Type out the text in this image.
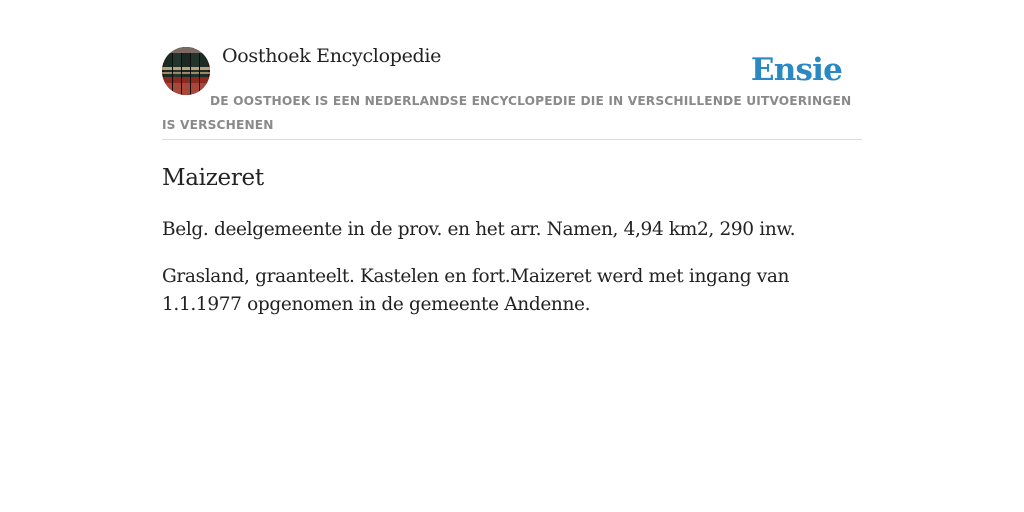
Oosthoek Encyclopedie	Ensie
DE OOSTHOEK IS EEN NEDERLANDSE ENCYCLOPEDIE DIE IN VERSCHILLENDE UITVOERINGEN IS VERSCHENEN
Maizeret

Belg. deelgemeente in de prov. en het arr. Namen, 4,94 km2, 290 inw.

Grasland, graanteelt. Kastelen en fort.Maizeret werd met ingang van 1.1.1977 opgenomen in de gemeente Andenne.
